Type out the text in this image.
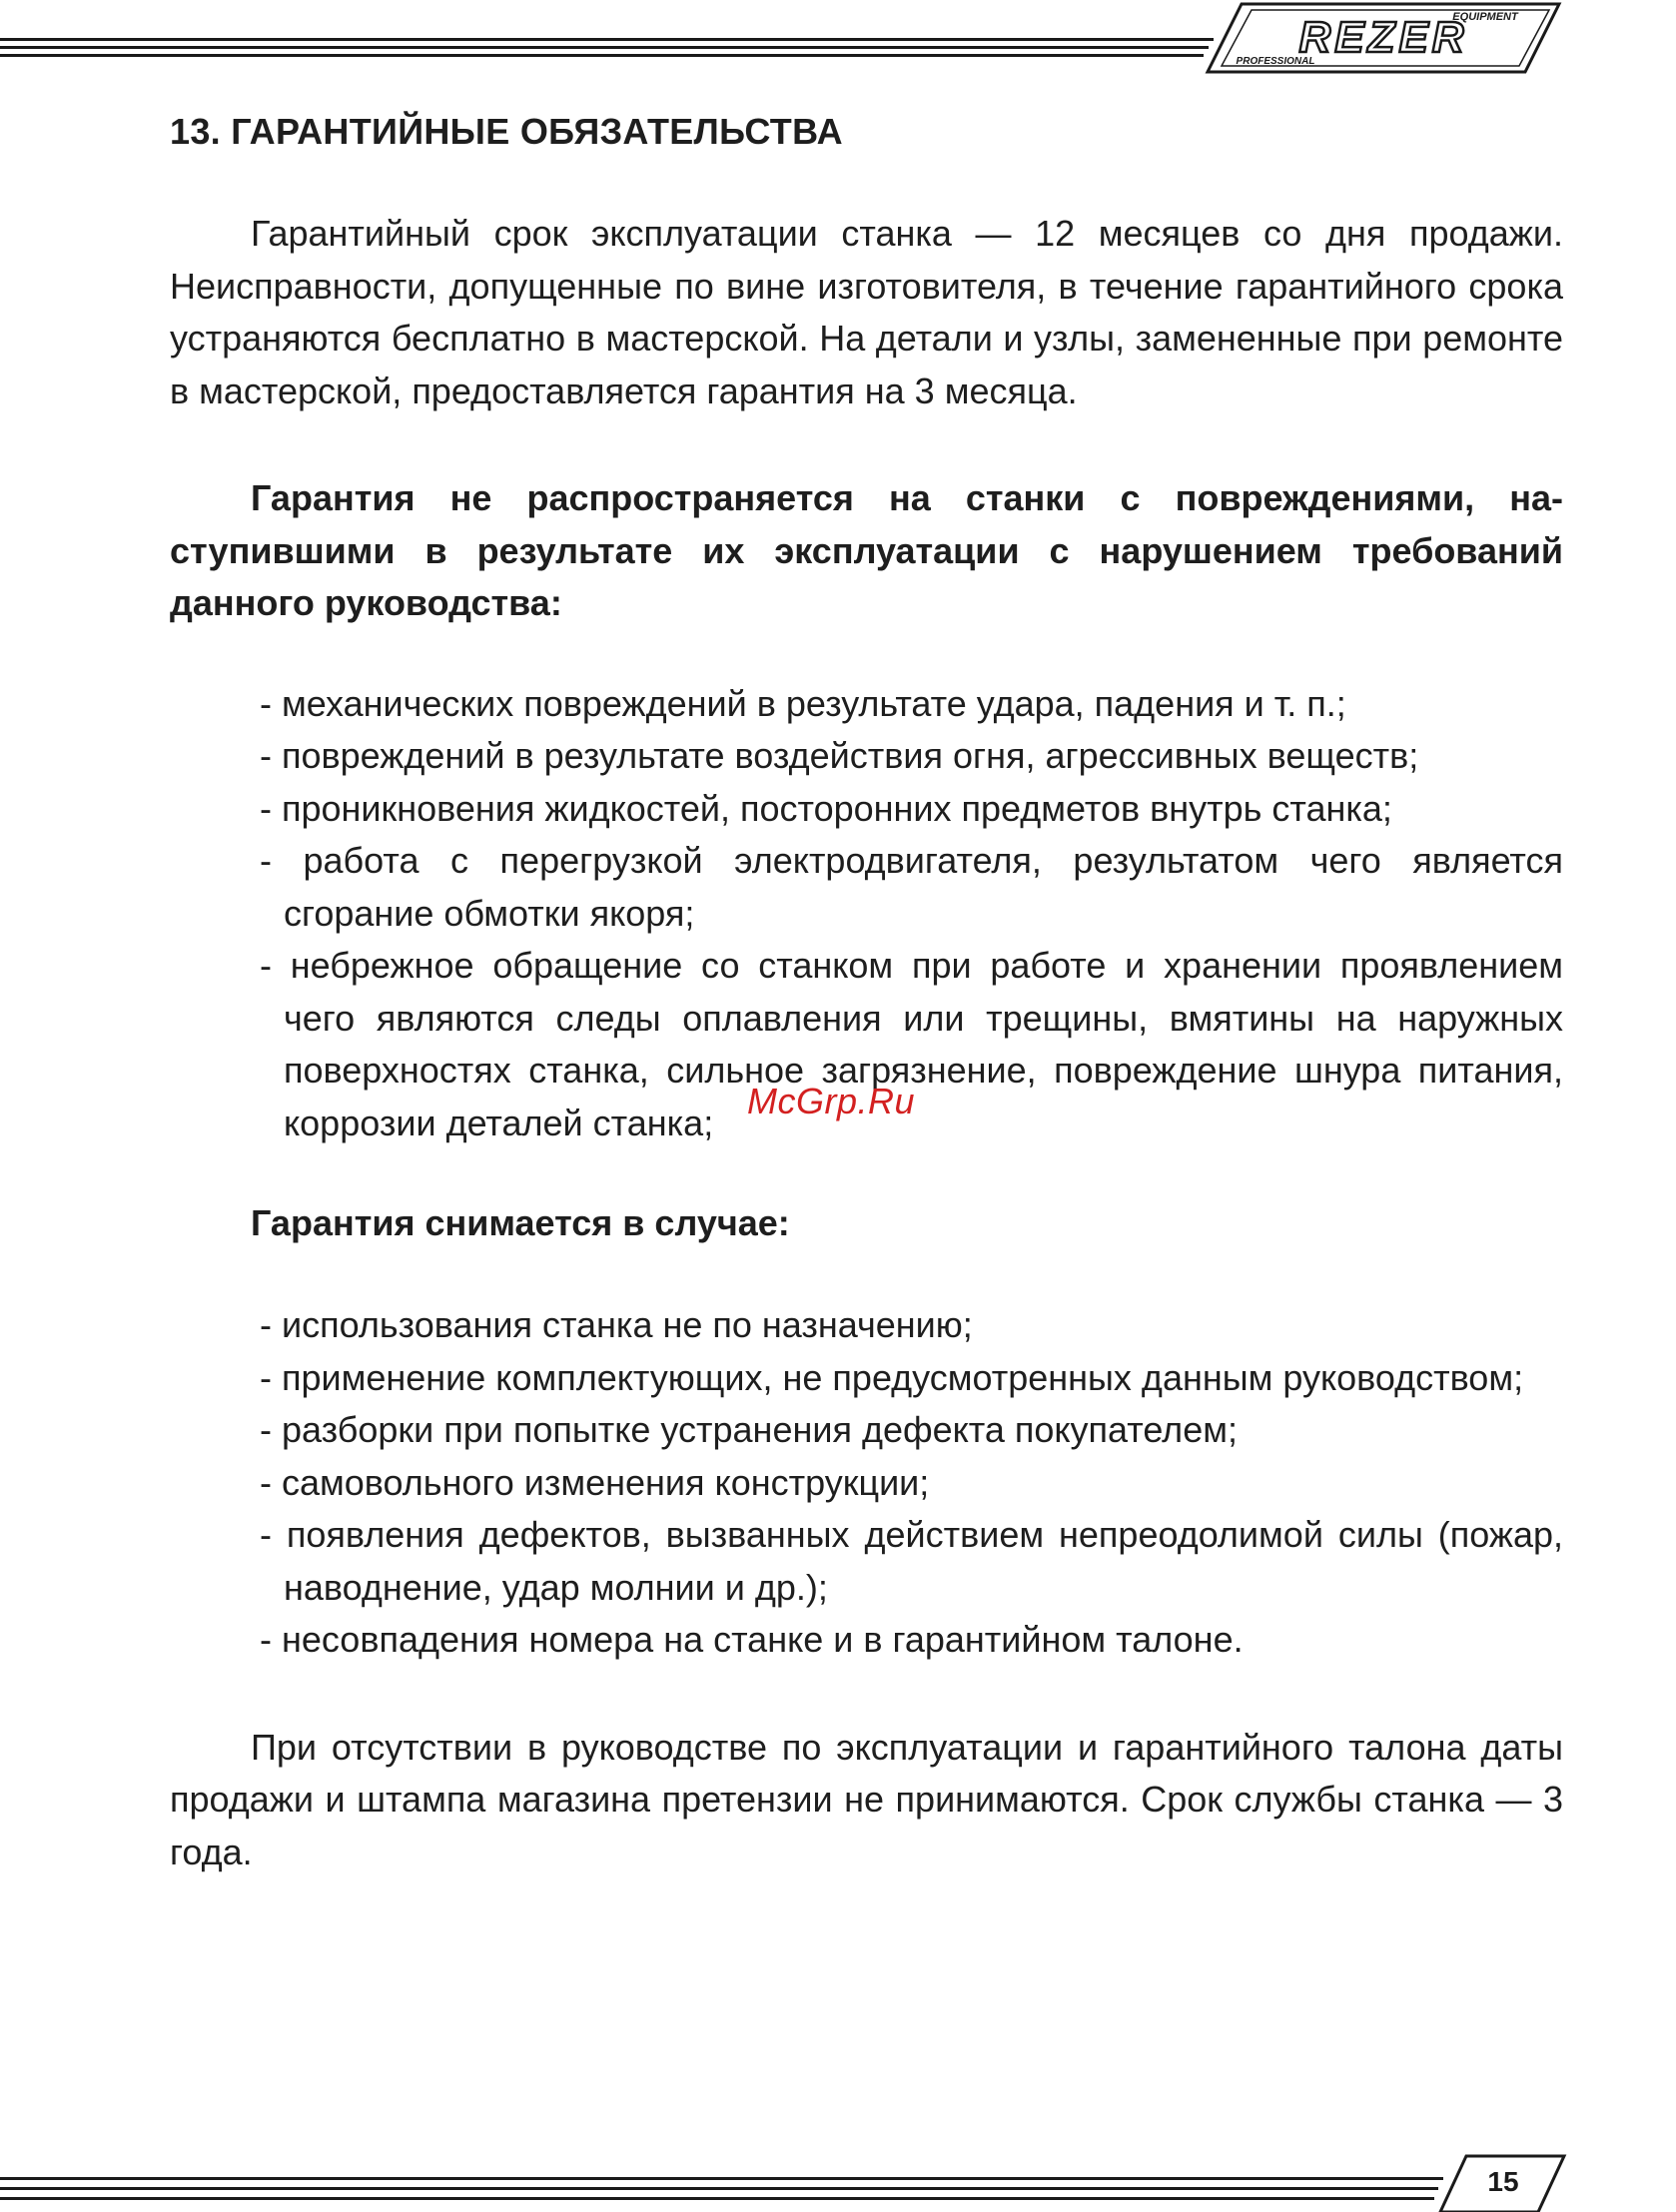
EQUIPMENT
REZER
PROFESSIONAL
13. ГАРАНТИЙНЫЕ ОБЯЗАТЕЛЬСТВА

Гарантийный срок эксплуатации станка — 12 месяцев со дня продажи. Неисправности, допущенные по вине изготовителя, в течение гарантийного срока устраняются бесплатно в мастерской. На детали и узлы, замененные при ремонте в мастерской, предоставляется гарантия на 3 месяца.

Гарантия не распространяется на станки с повреждениями, наступившими в результате их эксплуатации с нарушением требований данного руководства:

- механических повреждений в результате удара, падения и т. п.;
- повреждений в результате воздействия огня, агрессивных веществ;
- проникновения жидкостей, посторонних предметов внутрь станка;
- работа с перегрузкой электродвигателя, результатом чего является сгорание обмотки якоря;
- небрежное обращение со станком при работе и хранении проявлением чего являются следы оплавления или трещины, вмятины на наружных поверхностях станка, сильное загрязнение, повреждение шнура питания, коррозии деталей станка;

Гарантия снимается в случае:

- использования станка не по назначению;
- применение комплектующих, не предусмотренных данным руководством;
- разборки при попытке устранения дефекта покупателем;
- самовольного изменения конструкции;
- появления дефектов, вызванных действием непреодолимой силы (пожар, наводнение, удар молнии и др.);
- несовпадения номера на станке и в гарантийном талоне.

При отсутствии в руководстве по эксплуатации и гарантийного талона даты продажи и штампа магазина претензии не принимаются. Срок службы станка — 3 года.

McGrp.Ru
15
